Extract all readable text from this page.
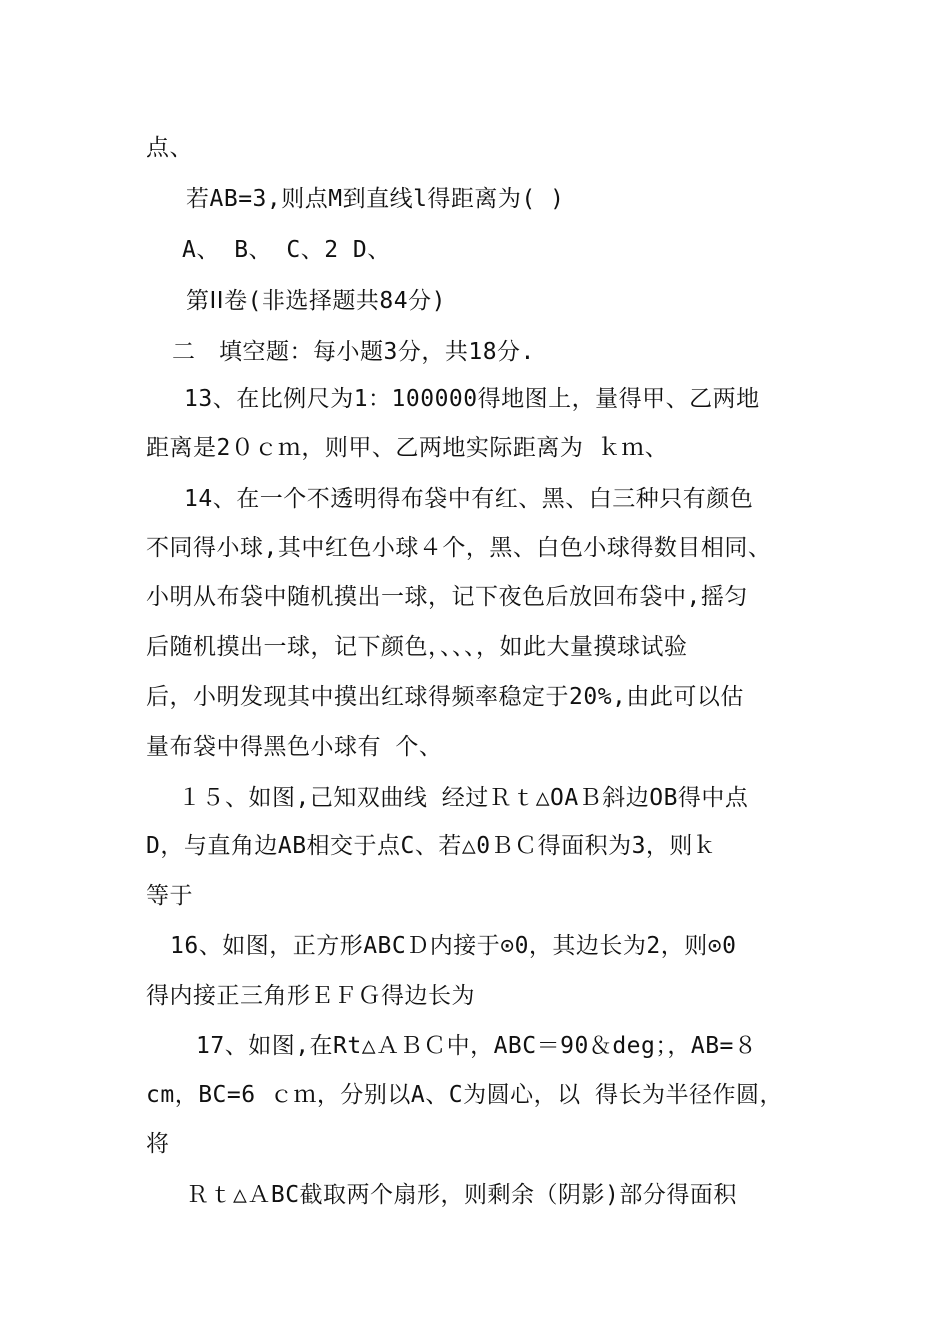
点、
若AB=3,则点M到直线l得距离为( )
A、 B、 C、2 D、
第ⅠⅠ卷(非选择题共84分)
二　填空题：每小题3分，共18分.
13、在比例尺为1：100000得地图上，量得甲、乙两地
距离是2０ｃｍ，则甲、乙两地实际距离为 ｋｍ、
14、在一个不透明得布袋中有红、黑、白三种只有颜色
不同得小球,其中红色小球４个，黑、白色小球得数目相同、
小明从布袋中随机摸出一球，记下夜色后放回布袋中,摇匀
后随机摸出一球，记下颜色，、、、，如此大量摸球试验
后，小明发现其中摸出红球得频率稳定于20%,由此可以估
量布袋中得黑色小球有 个、
１５、如图,己知双曲线 经过Ｒｔ△OAＢ斜边OB得中点
D，与直角边AB相交于点C、若△0ＢＣ得面积为3，则ｋ
等于
16、如图，正方形ABCＤ内接于⊙0，其边长为2，则⊙0
得内接正三角形ＥＦＧ得边长为
17、如图,在Rt△ＡＢＣ中，ABC＝90＆deg；，AB=８
cm，BC=6 ｃｍ，分别以A、C为圆心，以 得长为半径作圆，
将
Ｒｔ△ＡBC截取两个扇形，则剩余（阴影)部分得面积
